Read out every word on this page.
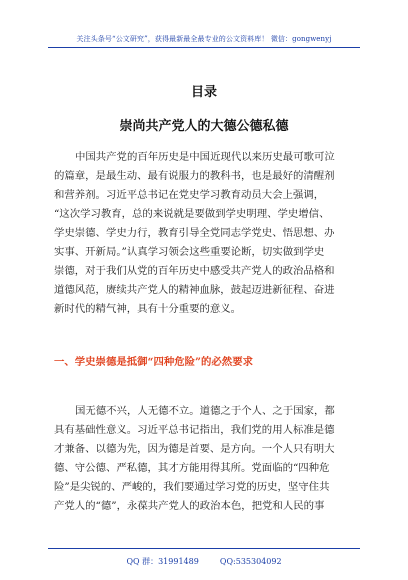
关注头条号“公文研究”，获得最新最全最专业的公文资料库！ 微信：gongwenyj
目录
崇尚共产党人的大德公德私德
中国共产党的百年历史是中国近现代以来历史最可歌可泣
的篇章，是最生动、最有说服力的教科书，也是最好的清醒剂
和营养剂。习近平总书记在党史学习教育动员大会上强调，
“这次学习教育，总的来说就是要做到学史明理、学史增信、
学史崇德、学史力行，教育引导全党同志学党史、悟思想、办
实事、开新局。”认真学习领会这些重要论断，切实做到学史
崇德，对于我们从党的百年历史中感受共产党人的政治品格和
道德风范，赓续共产党人的精神血脉，鼓起迈进新征程、奋进
新时代的精气神，具有十分重要的意义。
一、学史崇德是抵御“四种危险”的必然要求
国无德不兴，人无德不立。道德之于个人、之于国家，都
具有基础性意义。习近平总书记指出，我们党的用人标准是德
才兼备、以德为先，因为德是首要、是方向。一个人只有明大
德、守公德、严私德，其才方能用得其所。党面临的“四种危
险”是尖锐的、严峻的，我们要通过学习党的历史，坚守住共
产党人的“德”，永葆共产党人的政治本色，把党和人民的事
QQ 群：31991489	QQ:535304092
